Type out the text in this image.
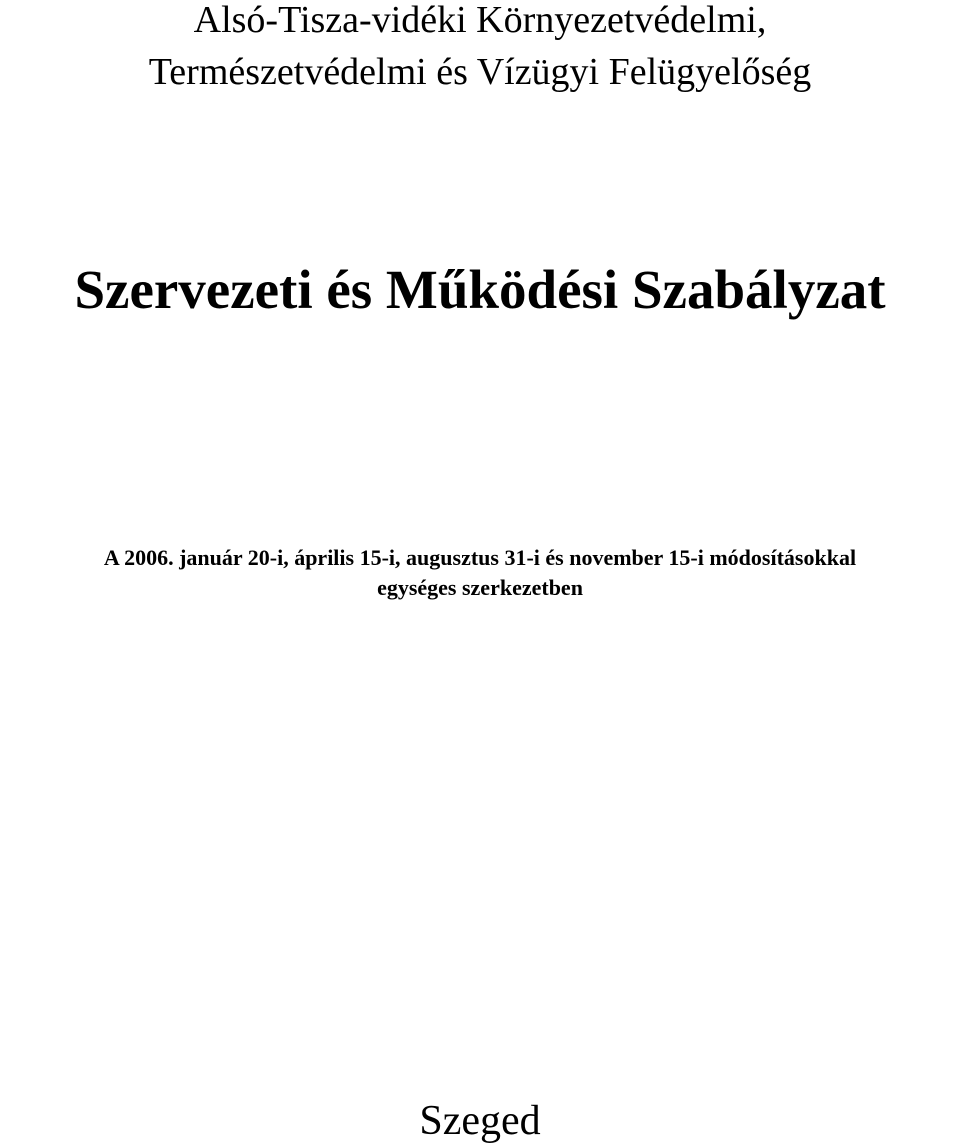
Alsó-Tisza-vidéki Környezetvédelmi,

Természetvédelmi és Vízügyi Felügyelőség

Szervezeti és Működési Szabályzat

A 2006. január 20-i, április 15-i, augusztus 31-i és november 15-i módosításokkal

egységes szerkezetben

Szeged
